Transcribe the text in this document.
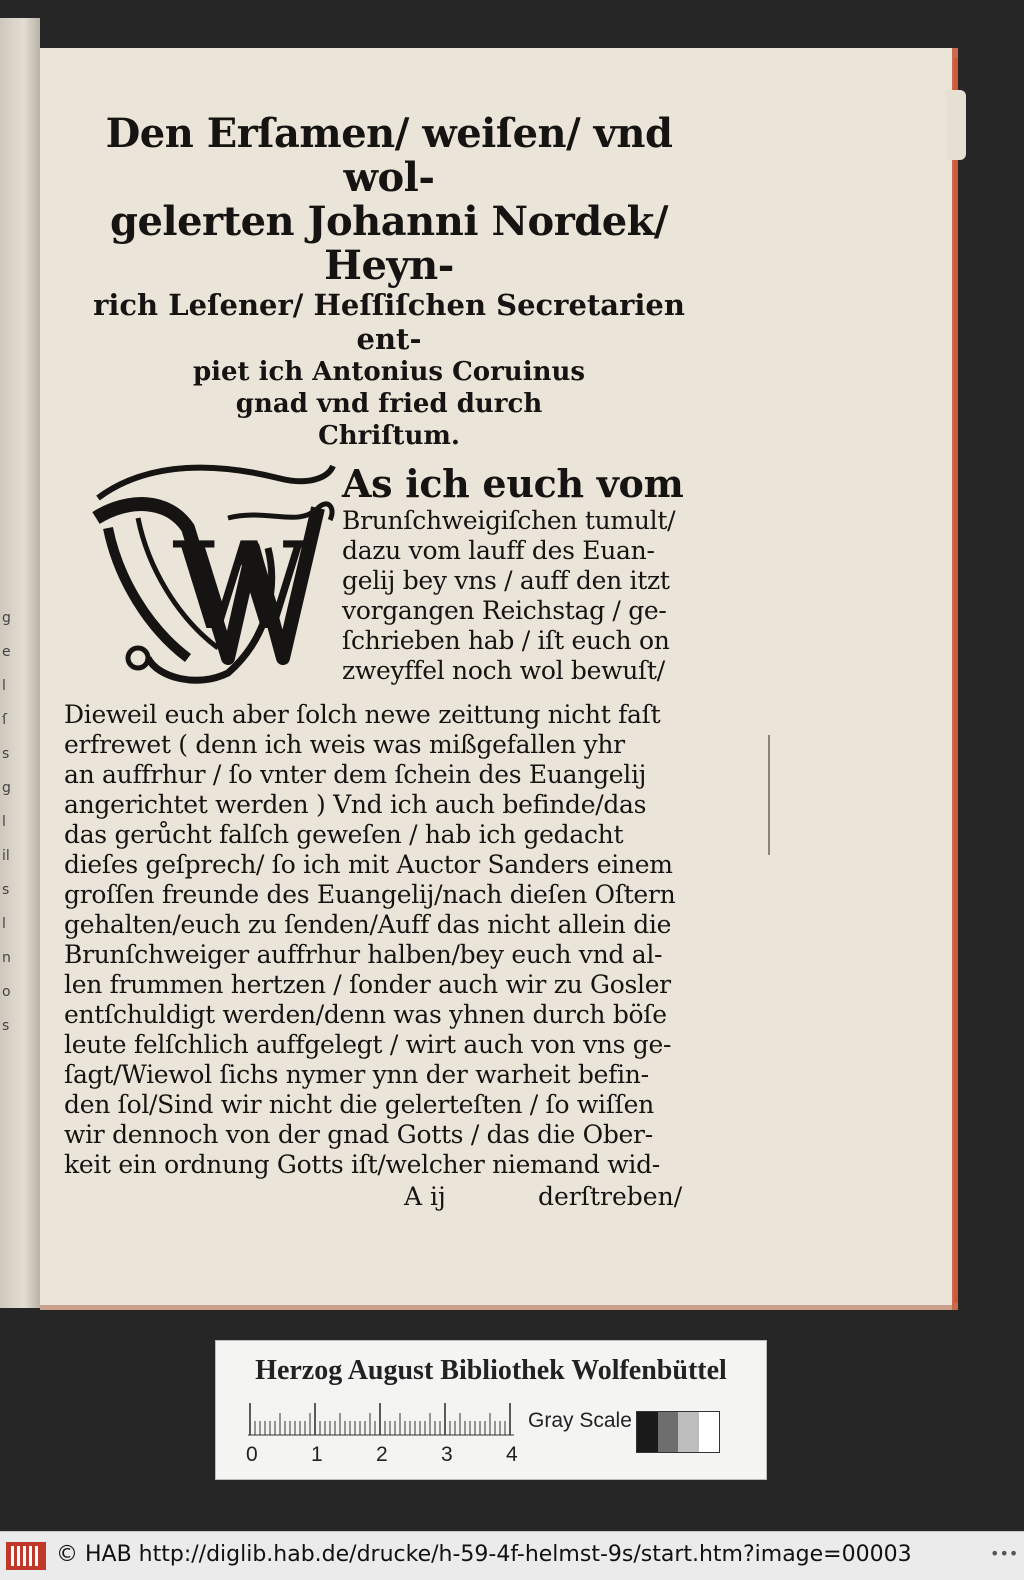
g
e
l
ſ
s
g
l
il
s
l
n
o
s

Den Erſamen/ weiſen/ vnd wol-

gelerten Johanni Nordek/ Heyn-

rich Leſener/ Heſſiſchen Secretarien ent-

piet ich Antonius Coruinus

gnad vnd fried durch

Chriſtum.

W

As ich euch vom

Brunſchweigiſchen tumult/

dazu vom lauff des Euan-

gelij bey vns / auff den itzt

vorgangen Reichstag / ge-

ſchrieben hab / iſt euch on

zweyffel noch wol bewuſt/

Dieweil euch aber ſolch newe zeittung nicht faſt

erfrewet ( denn ich weis was mißgefallen yhr

an auffrhur / ſo vnter dem ſchein des Euangelij

angerichtet werden ) Vnd ich auch befinde/das

das gerůcht falſch geweſen / hab ich gedacht

dieſes geſprech/ ſo ich mit Auctor Sanders einem

groſſen freunde des Euangelij/nach dieſen Oſtern

gehalten/euch zu ſenden/Auff das nicht allein die

Brunſchweiger auffrhur halben/bey euch vnd al-

len frummen hertzen / ſonder auch wir zu Gosler

entſchuldigt werden/denn was yhnen durch böſe

leute felſchlich auffgelegt / wirt auch von vns ge-

ſagt/Wiewol ſichs nymer ynn der warheit befin-

den ſol/Sind wir nicht die gelerteſten / ſo wiſſen

wir dennoch von der gnad Gotts / das die Ober-

keit ein ordnung Gotts iſt/welcher niemand wid-

A ij	derſtreben/
Herzog August Bibliothek Wolfenbüttel
0	1	2	3	4
Gray Scale
© HAB http://diglib.hab.de/drucke/h-59-4f-helmst-9s/start.htm?image=00003	•••
